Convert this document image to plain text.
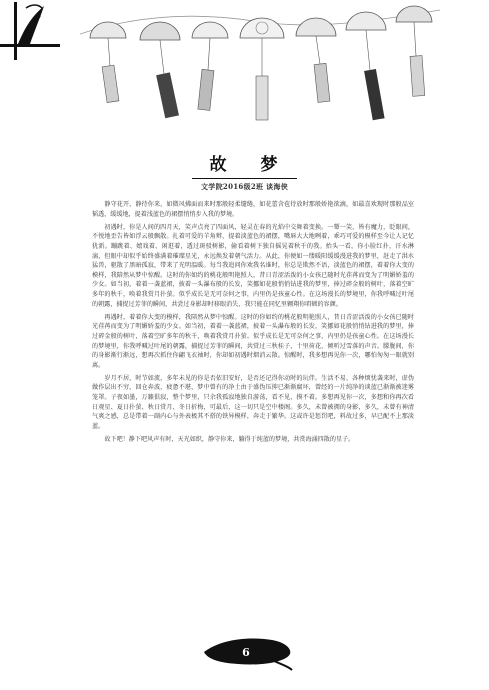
故 梦
文学院2016级2班 谈海侠

静守花开，静待你来，如微风拂面而来时那般轻柔缱绻，如花蕾含苞待放时那般娇艳欲滴，如最喜欢现时那般品室韬透，缓缓地，提着浅蓝色的裙摆悄悄步入我的梦境。

初遇时，你是人间的四月天，笑声点亮了四面风，轻灵在春的光焰中交舞着变换。一颦一笑，皆有魔力，眨眼间，不悦地歪告皆如浮云般飘散。扎着可爱的羊角辫，提着淡蓝色的裙摆，嘴唇大大地咧着，乖巧可爱的模样至今让人记忆犹新。蹦跳着、嬉戏着、闲逛着，透过斑驳树影，偷看着树下独自摇晃着秋千的我。抬头一看，你小脸红扑，汗水淋漓，但眼中却似乎始终盛满着璀璨星光，永远焕发着朝气活力。从此，你便如一缕暖阳缓缓漫进我的梦里，赶走了洪水猛兽，驱散了黑暗孤寂，带来了光明温暖。每当我追问你欢我名谁时，你总是欺然不语，淡蓝色的裙摆，着着你大变的模样，我陪然从梦中惊醒。这时的你如约的桃花般明艳照人，昔日青涩活泼的小女孩已随时光荏苒而变为了明媚娇羞的少女。如当初，着着一袭蓝裙，披着一头瀑布般的长发，笑挪如花般悄悄钻进我的梦里，捧过碎金般的树叶，落着空旷多年的秋千，唤着我赏月扑萤。似乎成长是无可奈何之事，内里仍是孩童心性。在这场漫长的梦境里，你我呼喊过叶尾的朝露，捕捉过芳菲的瞬间，共尝过身影却时移眼消失，我只能在同忆里翱翔你唱顿的容颜。

再遇时，着着你大变的模样，我陪然从梦中惊醒。这时的你如约的桃花般明艳照人，昔日青涩活泼的小女孩已随时光荏苒而变为了明媚娇羞的少女。如当初，着着一袭蓝裙，披着一头瀑布般的长发，笑挪如花般悄悄钻进我的梦里，捧过碎金般的树叶，落着空旷多年的秋千，唤着我赏月扑萤。似乎成长是无可奈何之事，内里仍是孩童心性。在这场漫长的梦境里，你我呼喊过叶尾的朝露，捕捉过芳菲的瞬间，共赏过三秋桂子、十里荷花，倾听过雪落的声音。朦胧间，你的身影渐行渐远，想再次抓住你翩飞衣袖时，你却如初遇时烟消云散。惊醒时，我多想再见你一次，哪怕匆匆一眼就别离。

岁月不居，时节如流，多年未见的你是否依旧安好，是否还记得你动时的玩伴。生活不易，各种烦忧袭来时，虚伪做作层出不穷，回仓奔波，疲惫不堪，梦中曾有的净土由于盛伪压抑已渐渐腐坏，曾经的一片纯净的谈蓝已渐渐被迷雾笼罩。子夜如墨，万籁俱寂，整个梦里，只余我孤寂地独自游荡，看不见，摸不着。多想再见你一次，多想和你再次看日观星、夏日扑萤、秋日赏月、冬日折梅，可最后，这一切只是空中楼阁。多久，未曾被拥的身影，多久，未曾有神清气爽之感，总是带着一副内心与外表极其不搭的铁异模样，奔走于繁华。这或许是惩罚吧，料故过多，早已配不上那淡蓝。

故下吧！静下吧风声有时，天光如织，静守你来，躺得于纯蓝的梦境，共赏海涌四散的星子。

6
